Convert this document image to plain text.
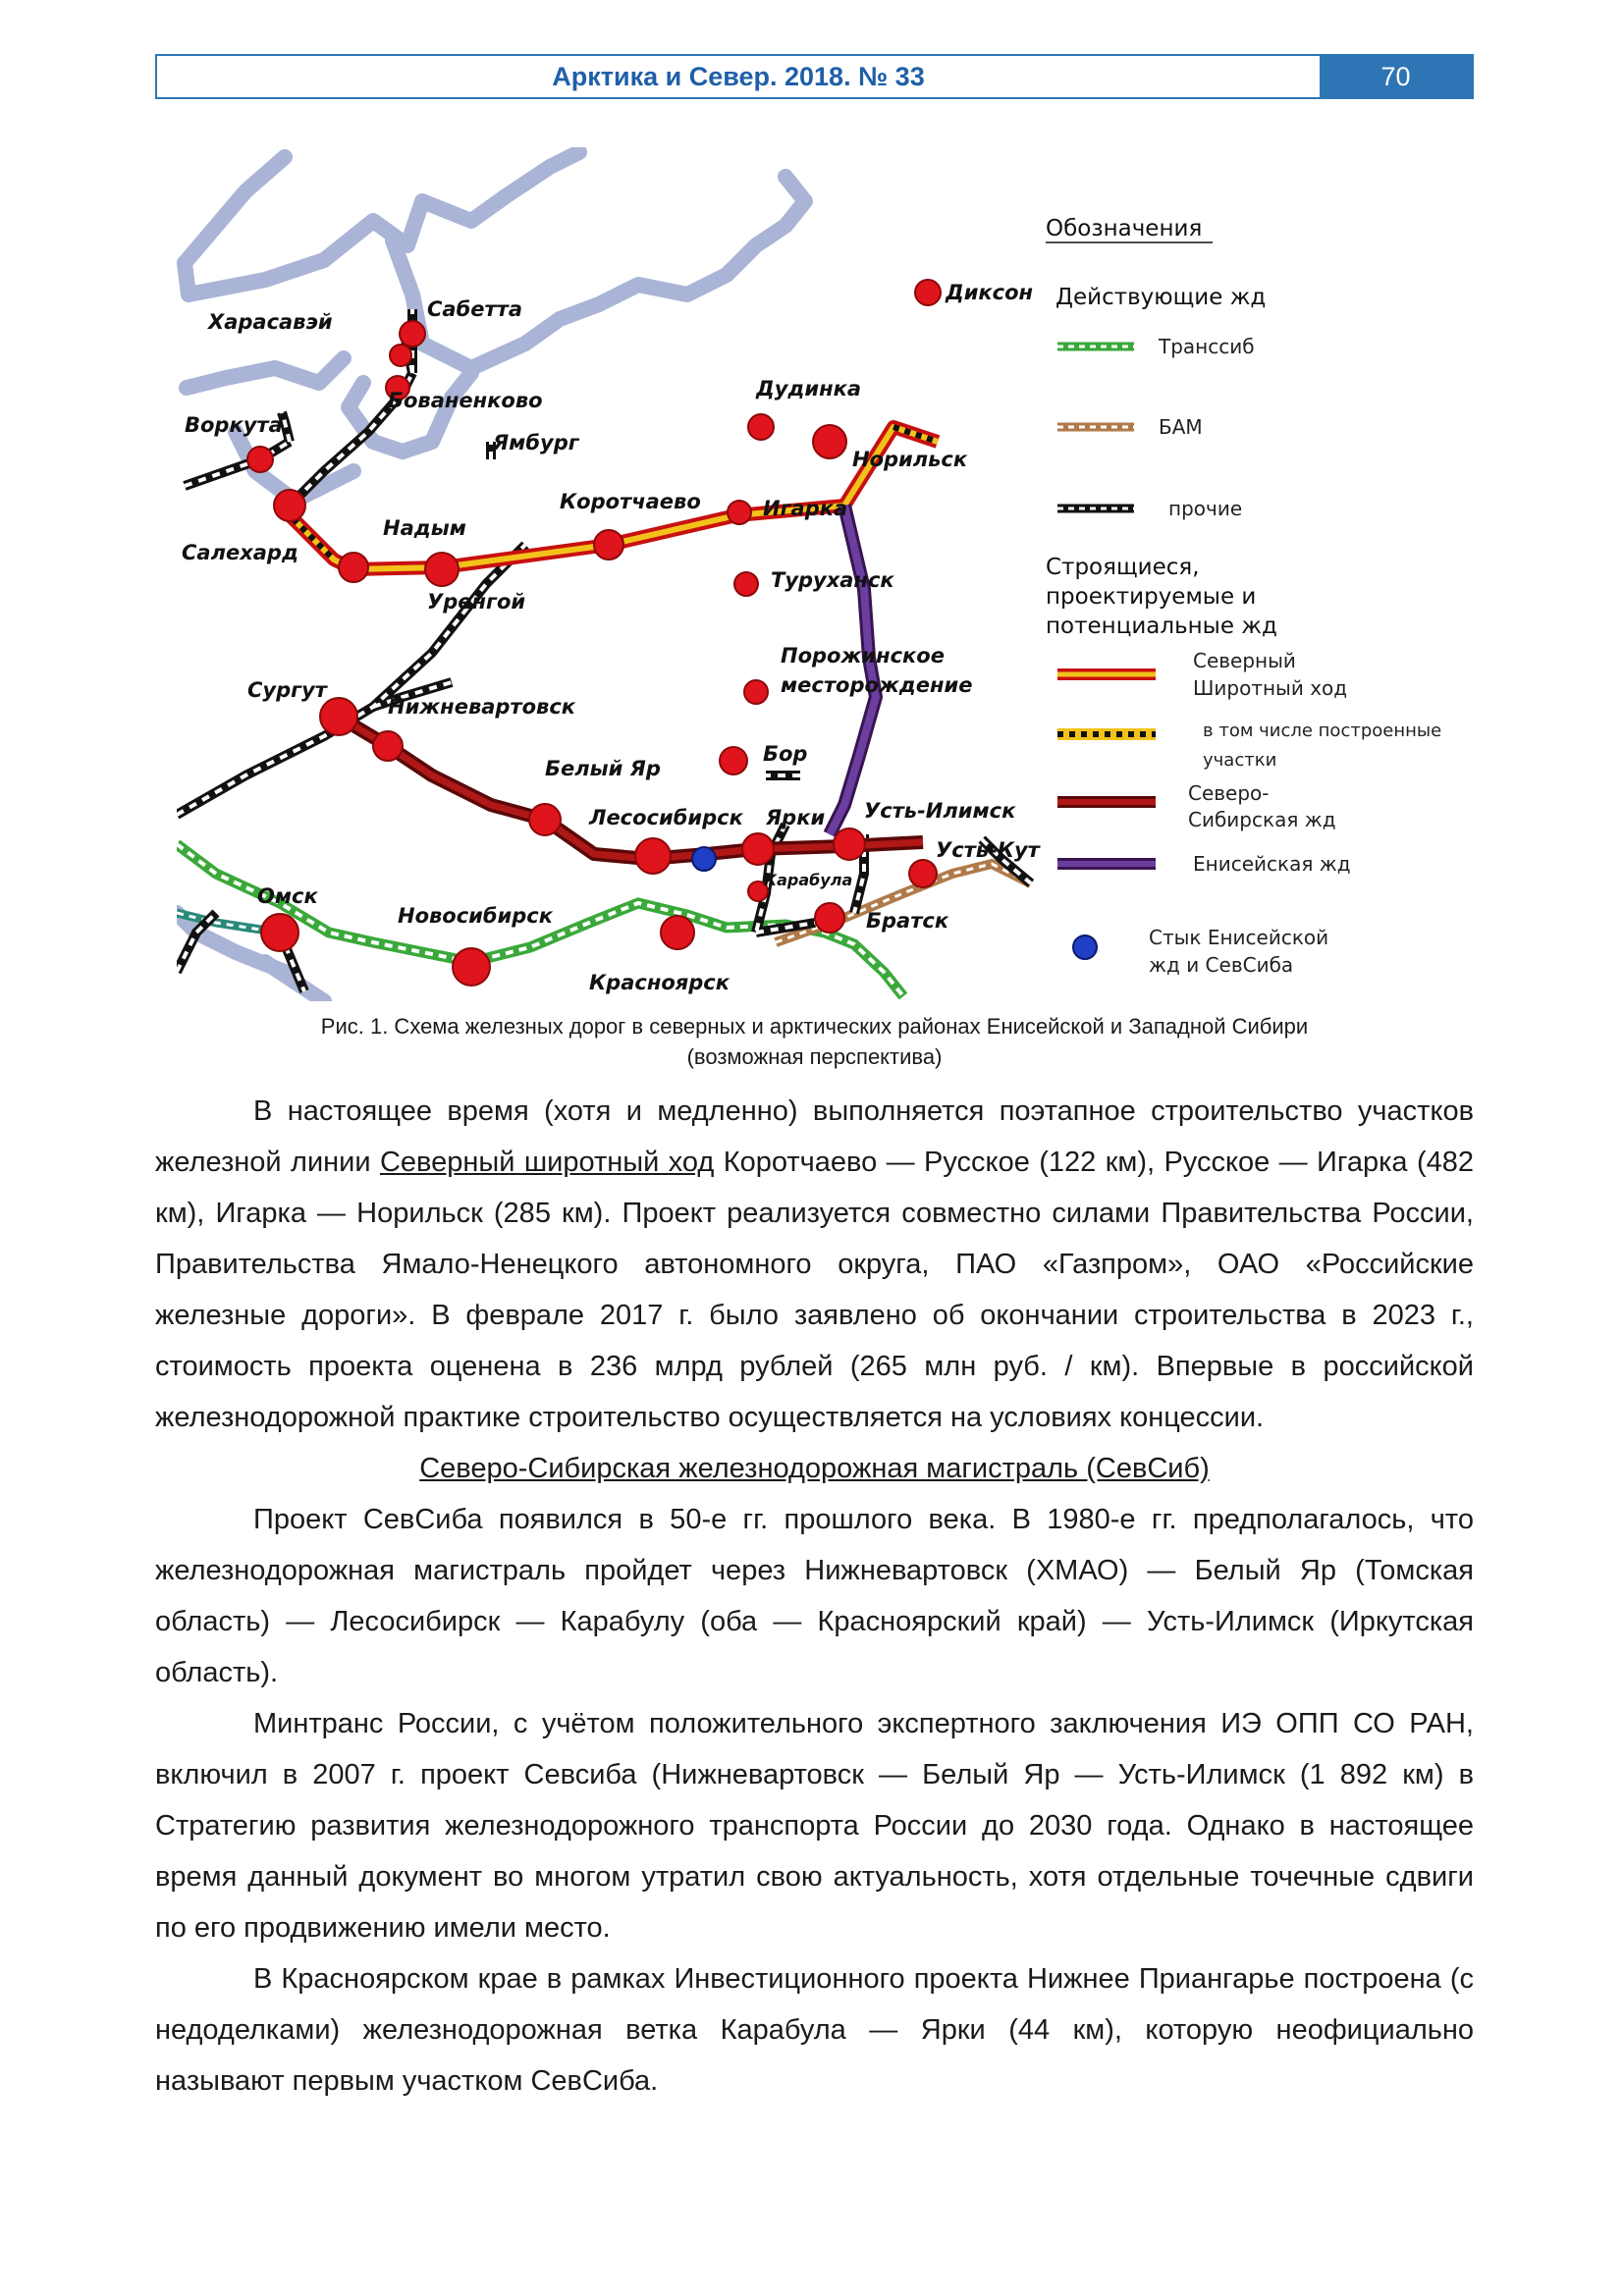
Арктика и Север. 2018. № 33	70
Диксон
Харасавэй
Сабетта
Бованенково
Воркута
Ямбург
Дудинка
Норильск
Коротчаево	Игарка
Надым
Салехард
Уренгой
Туруханск
Порожинское
месторождение
Сургут
Нижневартовск
Бор
Белый Яр
Лесосибирск Ярки Усть-Илимск
Усть-Кут
Карабула
Омск
Новосибирск	Братск
Красноярск
Обозначения
Действующие жд
Транссиб
БАМ
прочие
Строящиеся,
проектируемые и
потенциальные жд
Северный
Широтный ход
в том числе построенные
участки
Северо-
Сибирская жд
Енисейская жд
Стык Енисейской
жд и СевСиба
Рис. 1. Схема железных дорог в северных и арктических районах Енисейской и Западной Сибири
(возможная перспектива)

В настоящее время (хотя и медленно) выполняется поэтапное строительство участков железной линии Северный широтный ход Коротчаево — Русское (122 км), Русское — Игарка (482 км), Игарка — Норильск (285 км). Проект реализуется совместно силами Правительства России, Правительства Ямало-Ненецкого автономного округа, ПАО «Газпром», ОАО «Российские железные дороги». В феврале 2017 г. было заявлено об окончании строительства в 2023 г., стоимость проекта оценена в 236 млрд рублей (265 млн руб. / км). Впервые в российской железнодорожной практике строительство осуществляется на условиях концессии.

Северо-Сибирская железнодорожная магистраль (СевСиб)

Проект СевСиба появился в 50-е гг. прошлого века. В 1980-е гг. предполагалось, что железнодорожная магистраль пройдет через Нижневартовск (ХМАО) — Белый Яр (Томская область) — Лесосибирск — Карабулу (оба — Красноярский край) — Усть-Илимск (Иркутская область).

Минтранс России, с учётом положительного экспертного заключения ИЭ ОПП СО РАН, включил в 2007 г. проект Севсиба (Нижневартовск — Белый Яр — Усть-Илимск (1 892 км) в Стратегию развития железнодорожного транспорта России до 2030 года. Однако в настоящее время данный документ во многом утратил свою актуальность, хотя отдельные точечные сдвиги по его продвижению имели место.

В Красноярском крае в рамках Инвестиционного проекта Нижнее Приангарье построена (с недоделками) железнодорожная ветка Карабула — Ярки (44 км), которую неофициально называют первым участком СевСиба.
